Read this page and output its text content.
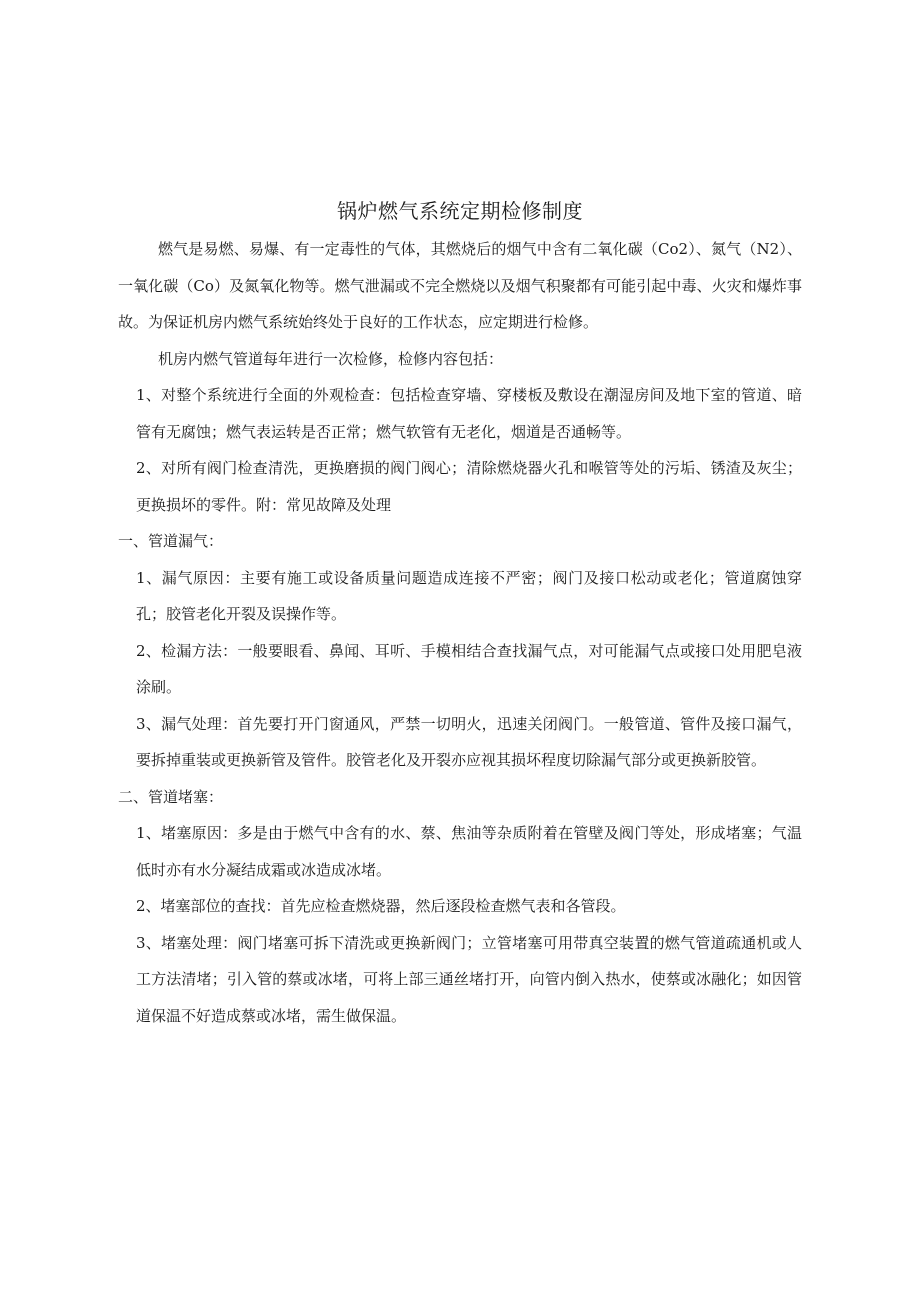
锅炉燃气系统定期检修制度

燃气是易燃、易爆、有一定毒性的气体，其燃烧后的烟气中含有二氧化碳（Co2）、氮气（N2）、一氧化碳（Co）及氮氧化物等。燃气泄漏或不完全燃烧以及烟气积聚都有可能引起中毒、火灾和爆炸事故。为保证机房内燃气系统始终处于良好的工作状态，应定期进行检修。

机房内燃气管道每年进行一次检修，检修内容包括：

1、对整个系统进行全面的外观检查：包括检查穿墙、穿楼板及敷设在潮湿房间及地下室的管道、暗管有无腐蚀；燃气表运转是否正常；燃气软管有无老化，烟道是否通畅等。

2、对所有阀门检查清洗，更换磨损的阀门阀心；清除燃烧器火孔和喉管等处的污垢、锈渣及灰尘；更换损坏的零件。附：常见故障及处理

一、管道漏气：

1、漏气原因：主要有施工或设备质量问题造成连接不严密；阀门及接口松动或老化；管道腐蚀穿孔；胶管老化开裂及误操作等。

2、检漏方法：一般要眼看、鼻闻、耳听、手模相结合查找漏气点，对可能漏气点或接口处用肥皂液涂刷。

3、漏气处理：首先要打开门窗通风，严禁一切明火，迅速关闭阀门。一般管道、管件及接口漏气，要拆掉重装或更换新管及管件。胶管老化及开裂亦应视其损坏程度切除漏气部分或更换新胶管。

二、管道堵塞：

1、堵塞原因：多是由于燃气中含有的水、蔡、焦油等杂质附着在管壁及阀门等处，形成堵塞；气温低时亦有水分凝结成霜或冰造成冰堵。

2、堵塞部位的查找：首先应检查燃烧器，然后逐段检查燃气表和各管段。

3、堵塞处理：阀门堵塞可拆下清洗或更换新阀门；立管堵塞可用带真空装置的燃气管道疏通机或人工方法清堵；引入管的蔡或冰堵，可将上部三通丝堵打开，向管内倒入热水，使蔡或冰融化；如因管道保温不好造成蔡或冰堵，需生做保温。
